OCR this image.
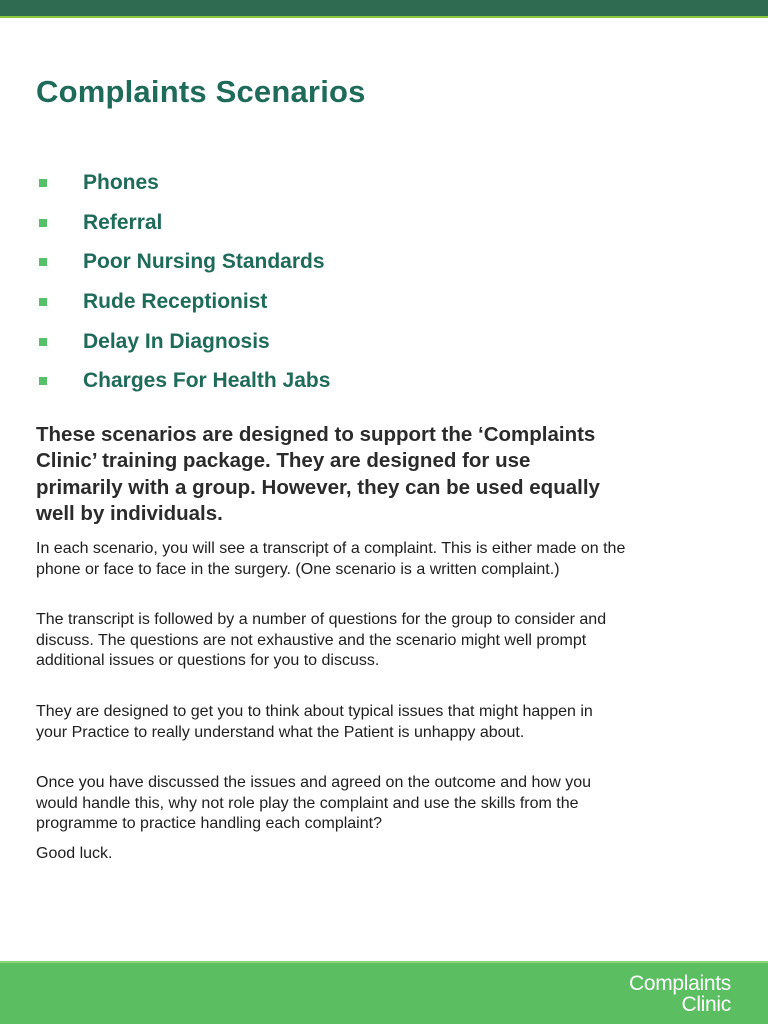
Complaints Scenarios
Phones
Referral
Poor Nursing Standards
Rude Receptionist
Delay In Diagnosis
Charges For Health Jabs

These scenarios are designed to support the ‘Complaints Clinic’ training package. They are designed for use primarily with a group. However, they can be used equally well by individuals.

In each scenario, you will see a transcript of a complaint. This is either made on the phone or face to face in the surgery. (One scenario is a written complaint.)

The transcript is followed by a number of questions for the group to consider and discuss. The questions are not exhaustive and the scenario might well prompt additional issues or questions for you to discuss.

They are designed to get you to think about typical issues that might happen in your Practice to really understand what the Patient is unhappy about.

Once you have discussed the issues and agreed on the outcome and how you would handle this, why not role play the complaint and use the skills from the programme to practice handling each complaint?

Good luck.

Complaints
Clinic
